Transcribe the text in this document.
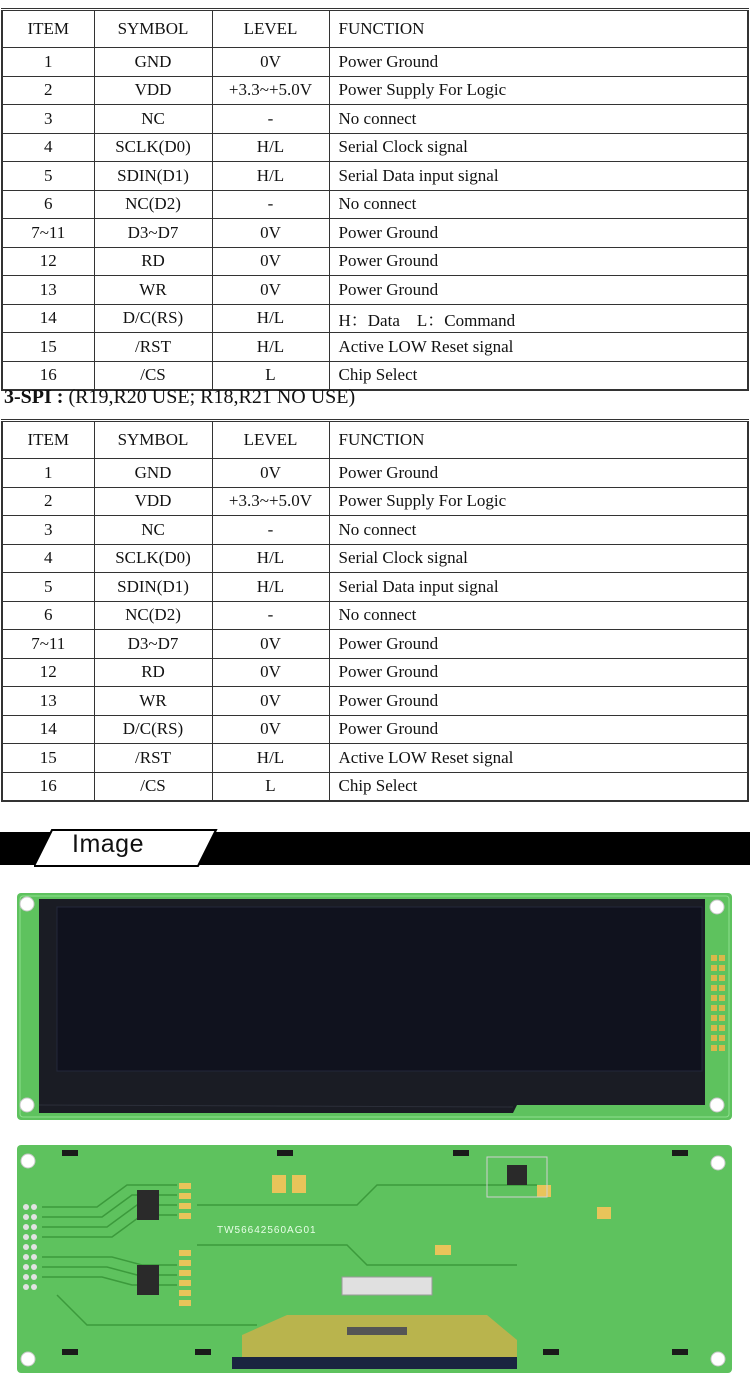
ITEM	SYMBOL	LEVEL	FUNCTION
1	GND	0V	Power Ground
2	VDD	+3.3~+5.0V	Power Supply For Logic
3	NC	-	No connect
4	SCLK(D0)	H/L	Serial Clock signal
5	SDIN(D1)	H/L	Serial Data input signal
6	NC(D2)	-	No connect
7~11	D3~D7	0V	Power Ground
12	RD	0V	Power Ground
13	WR	0V	Power Ground
14	D/C(RS)	H/L	H：Data　L：Command
15	/RST	H/L	Active LOW Reset signal
16	/CS	L	Chip Select
3-SPI : (R19,R20 USE; R18,R21 NO USE)
ITEM	SYMBOL	LEVEL	FUNCTION
1	GND	0V	Power Ground
2	VDD	+3.3~+5.0V	Power Supply For Logic
3	NC	-	No connect
4	SCLK(D0)	H/L	Serial Clock signal
5	SDIN(D1)	H/L	Serial Data input signal
6	NC(D2)	-	No connect
7~11	D3~D7	0V	Power Ground
12	RD	0V	Power Ground
13	WR	0V	Power Ground
14	D/C(RS)	0V	Power Ground
15	/RST	H/L	Active LOW Reset signal
16	/CS	L	Chip Select
Image
TW56642560AG01
